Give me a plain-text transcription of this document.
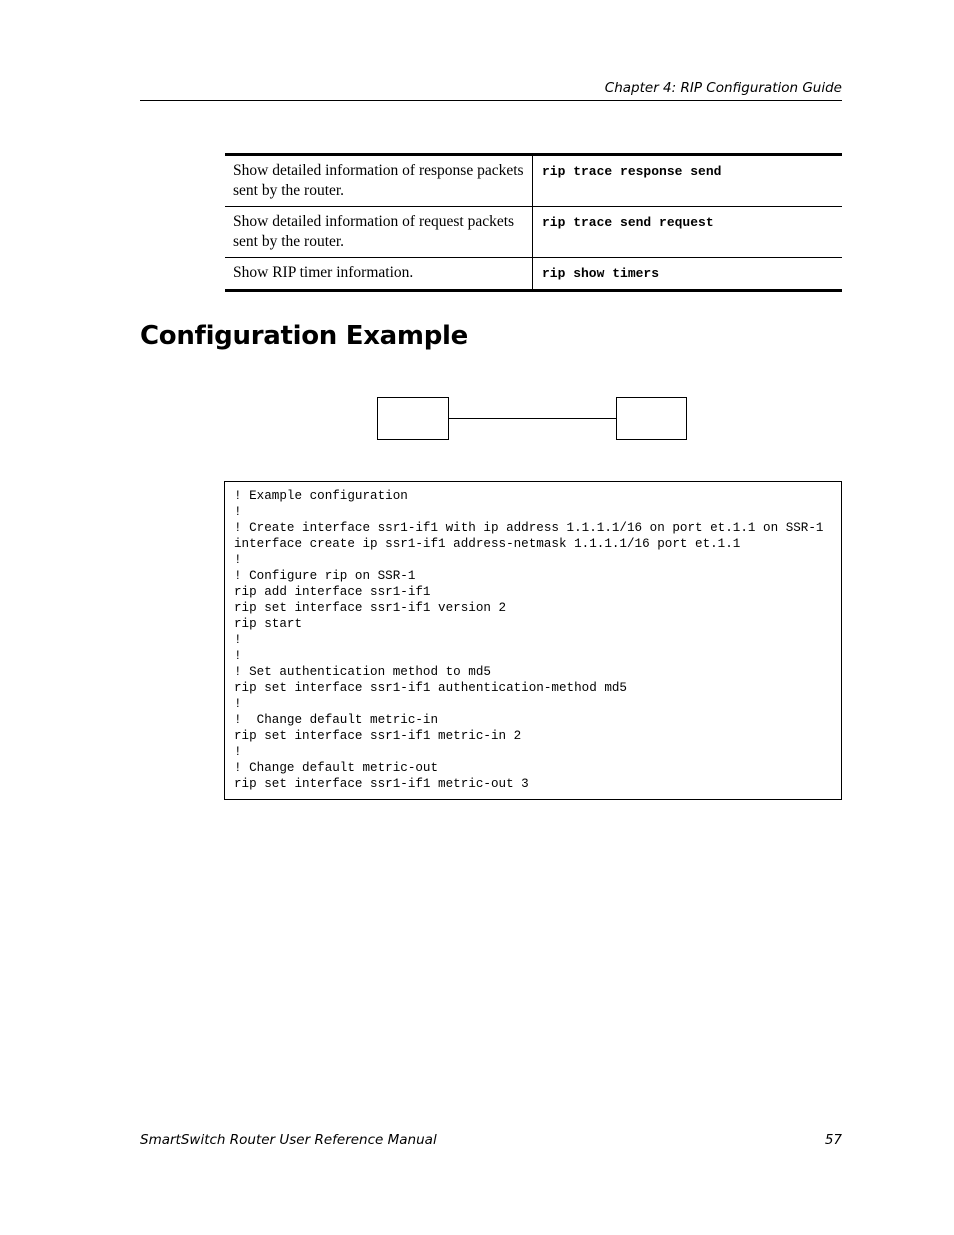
Chapter 4: RIP Configuration Guide
Show detailed information of response packets sent by the router.
rip trace response send
Show detailed information of request packets sent by the router.
rip trace send request
Show RIP timer information.	rip show timers
Configuration Example
! Example configuration
!
! Create interface ssr1-if1 with ip address 1.1.1.1/16 on port et.1.1 on SSR-1
interface create ip ssr1-if1 address-netmask 1.1.1.1/16 port et.1.1
!
! Configure rip on SSR-1
rip add interface ssr1-if1
rip set interface ssr1-if1 version 2
rip start
!
!
! Set authentication method to md5
rip set interface ssr1-if1 authentication-method md5
!
!  Change default metric-in
rip set interface ssr1-if1 metric-in 2
!
! Change default metric-out
rip set interface ssr1-if1 metric-out 3
SmartSwitch Router User Reference Manual	57
